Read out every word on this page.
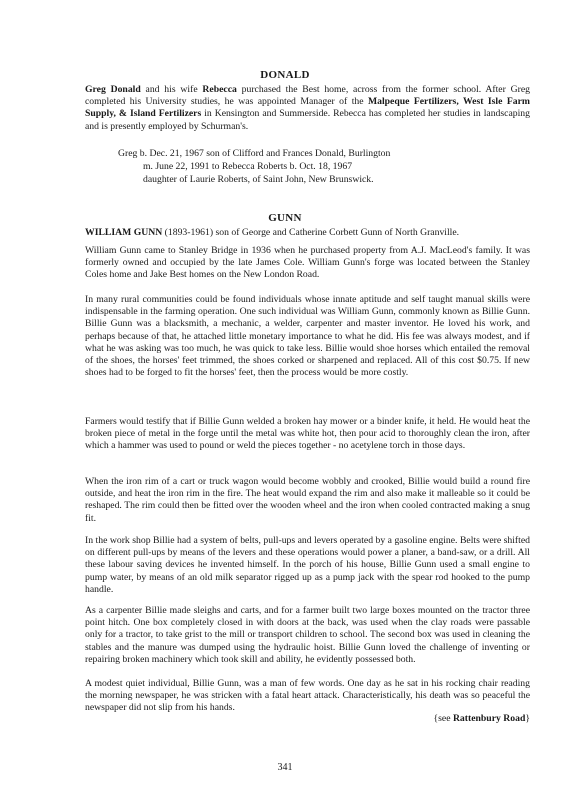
DONALD

Greg Donald and his wife Rebecca purchased the Best home, across from the former school. After Greg completed his University studies, he was appointed Manager of the Malpeque Fertilizers, West Isle Farm Supply, & Island Fertilizers in Kensington and Summerside. Rebecca has completed her studies in landscaping and is presently employed by Schurman's.

Greg b. Dec. 21, 1967 son of Clifford and Frances Donald, Burlington
m. June 22, 1991 to Rebecca Roberts b. Oct. 18, 1967
daughter of Laurie Roberts, of Saint John, New Brunswick.
GUNN

WILLIAM GUNN (1893-1961) son of George and Catherine Corbett Gunn of North Granville.

William Gunn came to Stanley Bridge in 1936 when he purchased property from A.J. MacLeod's family. It was formerly owned and occupied by the late James Cole. William Gunn's forge was located between the Stanley Coles home and Jake Best homes on the New London Road.

In many rural communities could be found individuals whose innate aptitude and self taught manual skills were indispensable in the farming operation. One such individual was William Gunn, commonly known as Billie Gunn. Billie Gunn was a blacksmith, a mechanic, a welder, carpenter and master inventor. He loved his work, and perhaps because of that, he attached little monetary importance to what he did. His fee was always modest, and if what he was asking was too much, he was quick to take less. Billie would shoe horses which entailed the removal of the shoes, the horses' feet trimmed, the shoes corked or sharpened and replaced. All of this cost $0.75. If new shoes had to be forged to fit the horses' feet, then the process would be more costly.

Farmers would testify that if Billie Gunn welded a broken hay mower or a binder knife, it held. He would heat the broken piece of metal in the forge until the metal was white hot, then pour acid to thoroughly clean the iron, after which a hammer was used to pound or weld the pieces together - no acetylene torch in those days.

When the iron rim of a cart or truck wagon would become wobbly and crooked, Billie would build a round fire outside, and heat the iron rim in the fire. The heat would expand the rim and also make it malleable so it could be reshaped. The rim could then be fitted over the wooden wheel and the iron when cooled contracted making a snug fit.

In the work shop Billie had a system of belts, pull-ups and levers operated by a gasoline engine. Belts were shifted on different pull-ups by means of the levers and these operations would power a planer, a band-saw, or a drill. All these labour saving devices he invented himself. In the porch of his house, Billie Gunn used a small engine to pump water, by means of an old milk separator rigged up as a pump jack with the spear rod hooked to the pump handle.

As a carpenter Billie made sleighs and carts, and for a farmer built two large boxes mounted on the tractor three point hitch. One box completely closed in with doors at the back, was used when the clay roads were passable only for a tractor, to take grist to the mill or transport children to school. The second box was used in cleaning the stables and the manure was dumped using the hydraulic hoist. Billie Gunn loved the challenge of inventing or repairing broken machinery which took skill and ability, he evidently possessed both.

A modest quiet individual, Billie Gunn, was a man of few words. One day as he sat in his rocking chair reading the morning newspaper, he was stricken with a fatal heart attack. Characteristically, his death was so peaceful the newspaper did not slip from his hands.

{see Rattenbury Road}
341
